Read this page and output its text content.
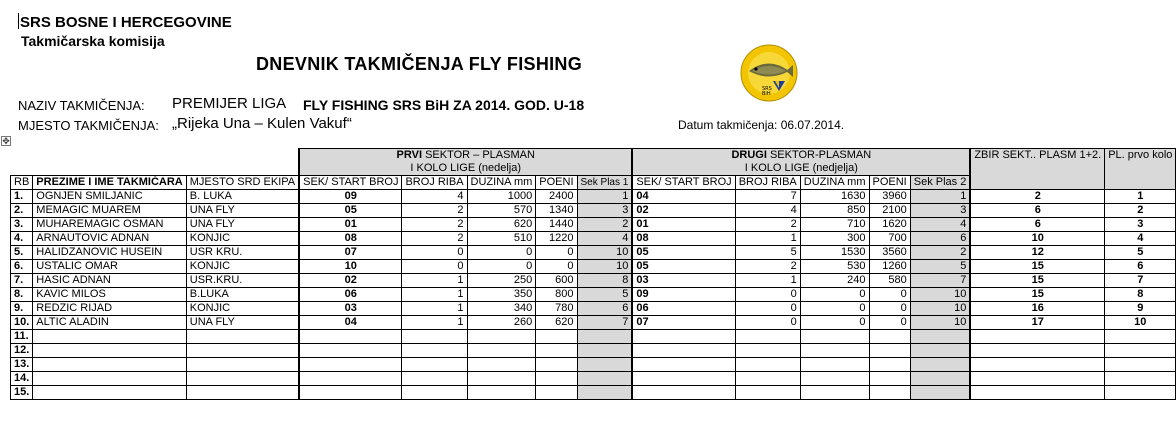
SRS BOSNE I HERCEGOVINE
Takmičarska komisija
DNEVNIK TAKMIČENJA FLY FISHING
SRS
BiH
NAZIV TAKMIČENJA: PREMIJER LIGA FLY FISHING SRS BiH ZA 2014. GOD. U-18
MJESTO TAKMIČENJA: „Rijeka Una – Kulen Vakuf“	Datum takmičenja: 06.07.2014.
✥
			PRVI SEKTOR – PLASMAN
I KOLO LIGE (nedelja)					DRUGI SEKTOR-PLASMAN
I KOLO LIGE (nedjelja)					ZBIR SEKT.. PLASM 1+2.	PL. prvo kolo
RB	PREZIME I IME TAKMIČARA	MJESTO SRD EKIPA	SEK/ START BROJ	BROJ RIBA	DUZINA mm	POENI	Sek Plas 1	SEK/ START BROJ	BROJ RIBA	DUZINA mm	POENI	Sek Plas 2		
1.	OGNJEN SMILJANIC	B. LUKA	09	4	1000	2400	1	04	7	1630	3960	1	2	1
2.	MEMAGIC MUAREM	UNA FLY	05	2	570	1340	3	02	4	850	2100	3	6	2
3.	MUHAREMAGIC OSMAN	UNA FLY	01	2	620	1440	2	01	2	710	1620	4	6	3
4.	ARNAUTOVIC ADNAN	KONJIC	08	2	510	1220	4	08	1	300	700	6	10	4
5.	HALIDZANOVIC HUSEIN	USR KRU.	07	0	0	0	10	05	5	1530	3560	2	12	5
6.	USTALIC OMAR	KONJIC	10	0	0	0	10	05	2	530	1260	5	15	6
7.	HASIC ADNAN	USR.KRU.	02	1	250	600	8	03	1	240	580	7	15	7
8.	KAVIC MILOS	B.LUKA	06	1	350	800	5	09	0	0	0	10	15	8
9.	REDZIC RIJAD	KONJIC	03	1	340	780	6	06	0	0	0	10	16	9
10.	ALTIC ALADIN	UNA FLY	04	1	260	620	7	07	0	0	0	10	17	10
11.														
12.														
13.														
14.														
15.														
